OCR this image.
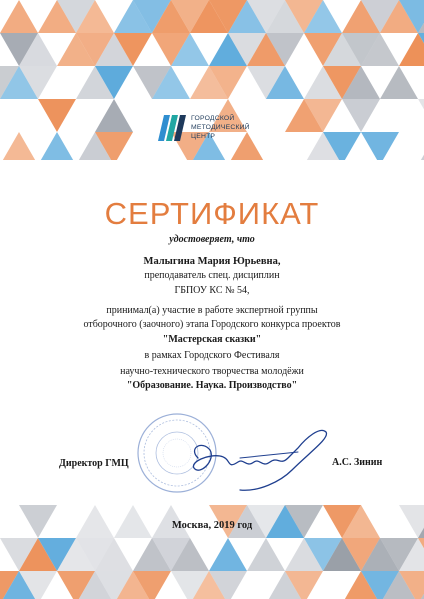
ГОРОДСКОЙ
МЕТОДИЧЕСКИЙ
ЦЕНТР
СЕРТИФИКАТ
удостоверяет, что
Малыгина Мария Юрьевна,
преподаватель спец. дисциплин
ГБПОУ КС № 54,
принимал(а) участие в работе экспертной группы
отборочного (заочного) этапа Городского конкурса проектов
"Мастерская сказки"
в рамках Городского Фестиваля
научно-технического творчества молодёжи
"Образование. Наука. Производство"
Директор ГМЦ	А.С. Зинин
Москва, 2019 год
